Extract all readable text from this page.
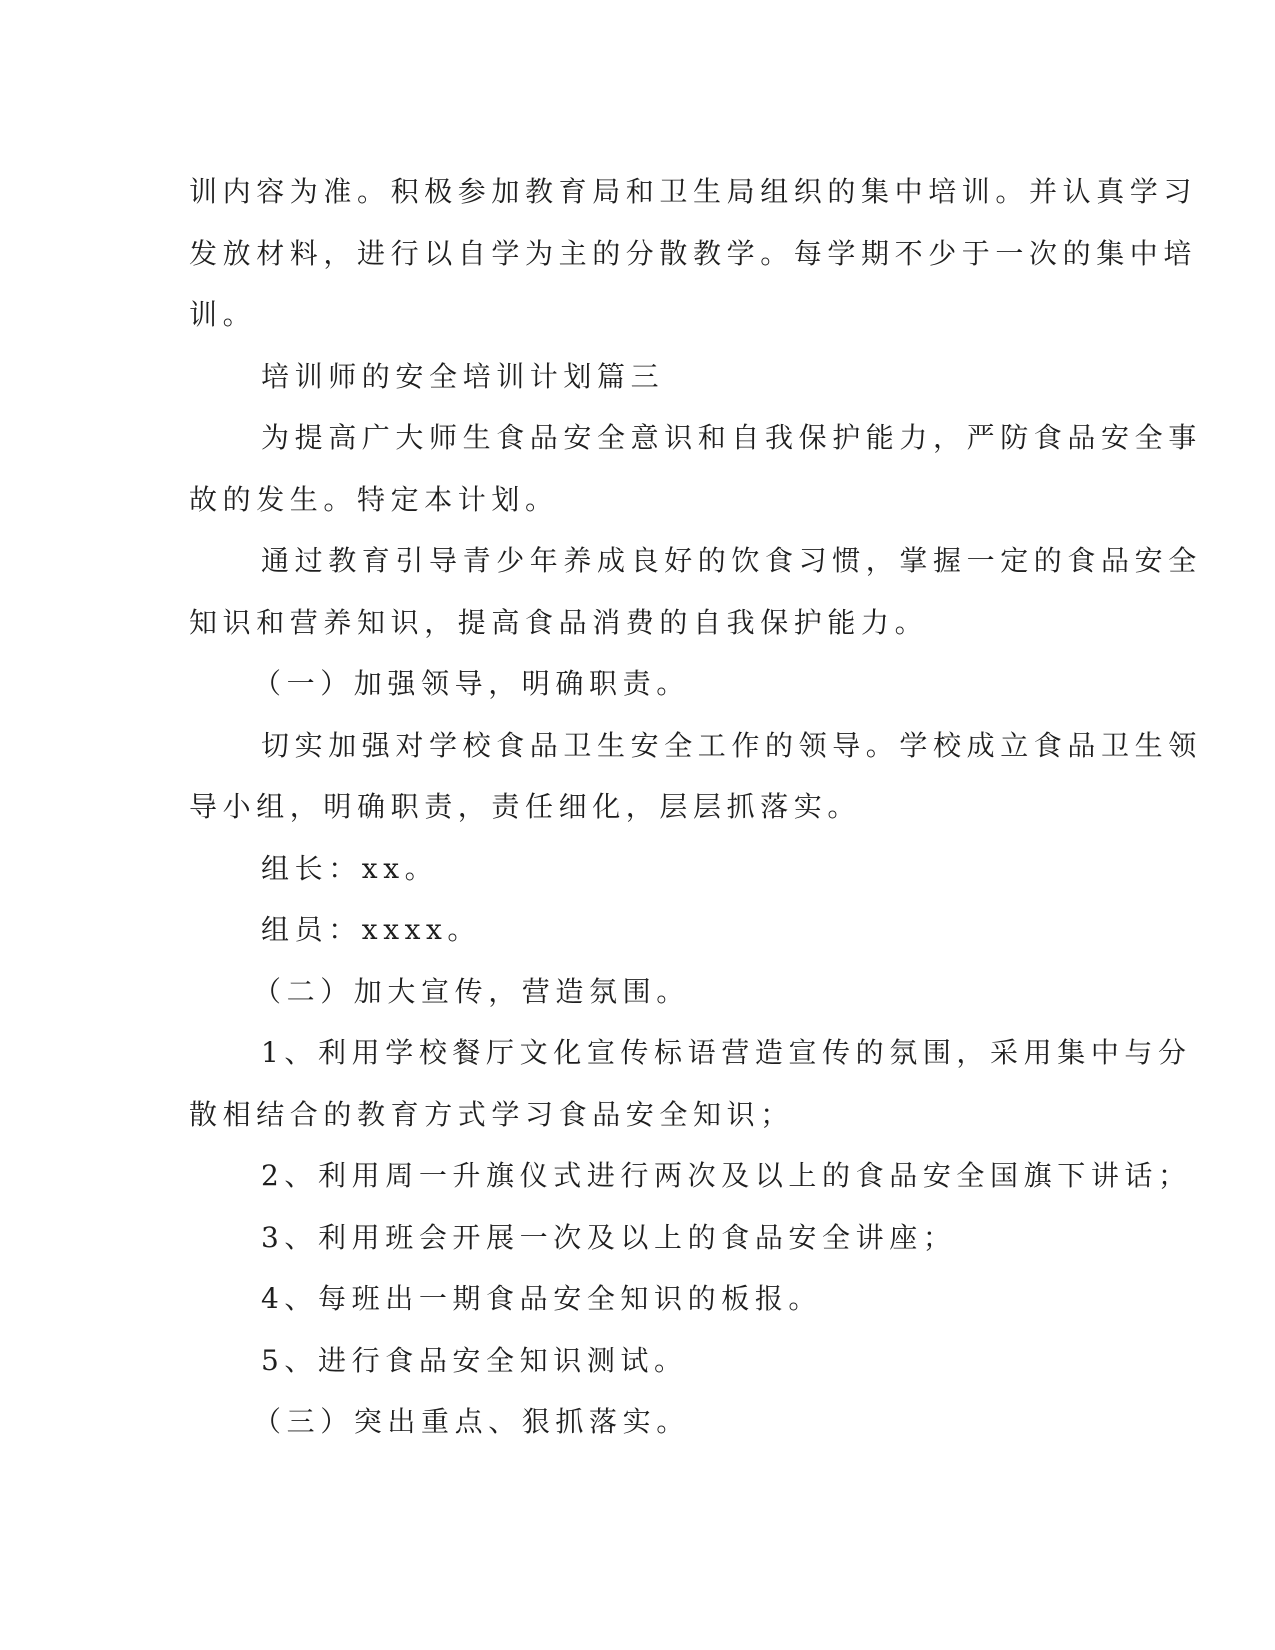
训内容为准。积极参加教育局和卫生局组织的集中培训。并认真学习

发放材料，进行以自学为主的分散教学。每学期不少于一次的集中培

训。

培训师的安全培训计划篇三

为提高广大师生食品安全意识和自我保护能力，严防食品安全事

故的发生。特定本计划。

通过教育引导青少年养成良好的饮食习惯，掌握一定的食品安全

知识和营养知识，提高食品消费的自我保护能力。

（一）加强领导，明确职责。

切实加强对学校食品卫生安全工作的领导。学校成立食品卫生领

导小组，明确职责，责任细化，层层抓落实。

组长：xx。

组员：xxxx。

（二）加大宣传，营造氛围。

1、利用学校餐厅文化宣传标语营造宣传的氛围，采用集中与分

散相结合的教育方式学习食品安全知识；

2、利用周一升旗仪式进行两次及以上的食品安全国旗下讲话；

3、利用班会开展一次及以上的食品安全讲座；

4、每班出一期食品安全知识的板报。

5、进行食品安全知识测试。

（三）突出重点、狠抓落实。
